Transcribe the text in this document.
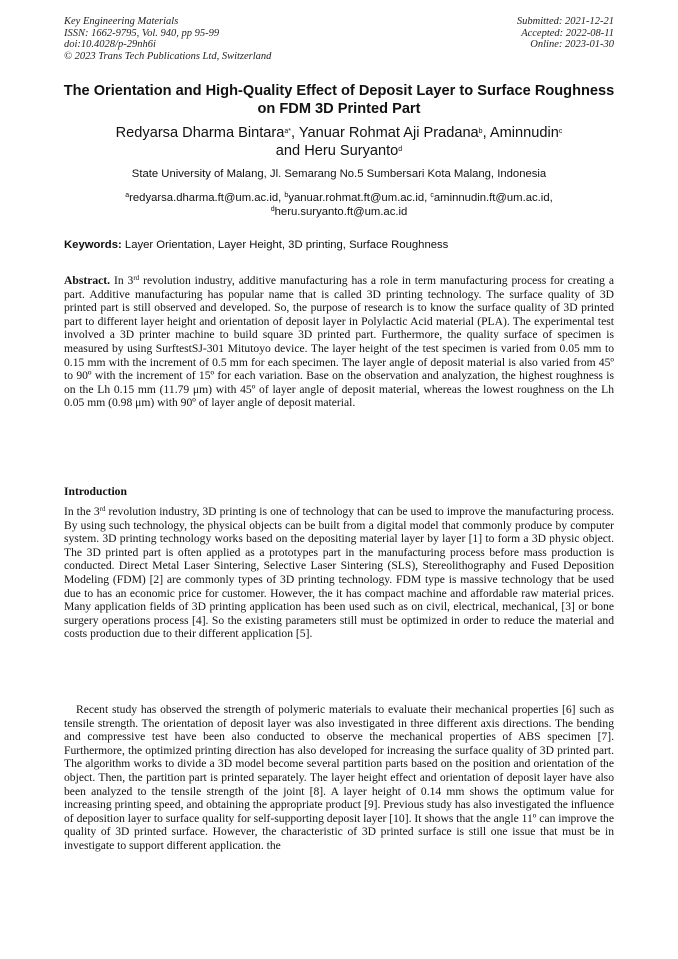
Key Engineering Materials
ISSN: 1662-9795, Vol. 940, pp 95-99
doi:10.4028/p-29nh6i
© 2023 Trans Tech Publications Ltd, Switzerland
Submitted: 2021-12-21
Accepted: 2022-08-11
Online: 2023-01-30
The Orientation and High-Quality Effect of Deposit Layer to Surface Roughness on FDM 3D Printed Part
Redyarsa Dharma Bintara$^{a*}$, Yanuar Rohmat Aji Pradana$^b$, Aminnudin$^c$
and Heru Suryanto$^d$
State University of Malang, Jl. Semarang No.5 Sumbersari Kota Malang, Indonesia
$^a$redyarsa.dharma.ft@um.ac.id, $^b$yanuar.rohmat.ft@um.ac.id, $^c$aminnudin.ft@um.ac.id,
$^d$heru.suryanto.ft@um.ac.id
Keywords: Layer Orientation, Layer Height, 3D printing, Surface Roughness
Abstract. In 3rd revolution industry, additive manufacturing has a role in term manufacturing process for creating a part. Additive manufacturing has popular name that is called 3D printing technology. The surface quality of 3D printed part is still observed and developed. So, the purpose of research is to know the surface quality of 3D printed part to different layer height and orientation of deposit layer in Polylactic Acid material (PLA). The experimental test involved a 3D printer machine to build square 3D printed part. Furthermore, the quality surface of specimen is measured by using SurftestSJ-301 Mitutoyo device. The layer height of the test specimen is varied from 0.05 mm to 0.15 mm with the increment of 0.5 mm for each specimen. The layer angle of deposit material is also varied from 45º to 90º with the increment of 15º for each variation. Base on the observation and analyzation, the highest roughness is on the Lh 0.15 mm (11.79 μm) with 45º of layer angle of deposit material, whereas the lowest roughness on the Lh 0.05 mm (0.98 μm) with 90º of layer angle of deposit material.
Introduction
In the 3rd revolution industry, 3D printing is one of technology that can be used to improve the manufacturing process. By using such technology, the physical objects can be built from a digital model that commonly produce by computer system. 3D printing technology works based on the depositing material layer by layer [1] to form a 3D physic object. The 3D printed part is often applied as a prototypes part in the manufacturing process before mass production is conducted. Direct Metal Laser Sintering, Selective Laser Sintering (SLS), Stereolithography and Fused Deposition Modeling (FDM) [2] are commonly types of 3D printing technology. FDM type is massive technology that be used due to has an economic price for customer. However, the it has compact machine and affordable raw material prices. Many application fields of 3D printing application has been used such as on civil, electrical, mechanical, [3] or bone surgery operations process [4]. So the existing parameters still must be optimized in order to reduce the material and costs production due to their different application [5].
Recent study has observed the strength of polymeric materials to evaluate their mechanical properties [6] such as tensile strength. The orientation of deposit layer was also investigated in three different axis directions. The bending and compressive test have been also conducted to observe the mechanical properties of ABS specimen [7]. Furthermore, the optimized printing direction has also developed for increasing the surface quality of 3D printed part. The algorithm works to divide a 3D model become several partition parts based on the position and orientation of the object. Then, the partition part is printed separately. The layer height effect and orientation of deposit layer have also been analyzed to the tensile strength of the joint [8]. A layer height of 0.14 mm shows the optimum value for increasing printing speed, and obtaining the appropriate product [9]. Previous study has also investigated the influence of deposition layer to surface quality for self-supporting deposit layer [10]. It shows that the angle 11º can improve the quality of 3D printed surface. However, the characteristic of 3D printed surface is still one issue that must be in investigate to support different application. the
